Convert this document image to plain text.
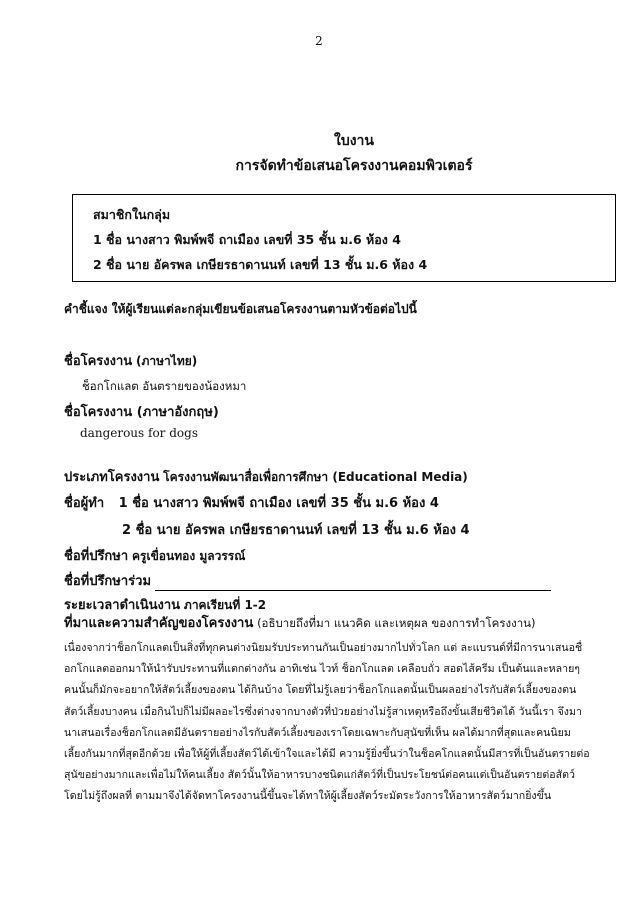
2
ใบงาน
การจัดทำข้อเสนอโครงงานคอมพิวเตอร์
สมาชิกในกลุ่ม
1 ชื่อ นางสาว พิมพ์พจี ถาเมือง เลขที่ 35 ชั้น ม.6 ห้อง 4
2 ชื่อ นาย อัครพล เกษียรธาดานนท์ เลขที่ 13 ชั้น ม.6 ห้อง 4
คำชี้แจง ให้ผู้เรียนแต่ละกลุ่มเขียนข้อเสนอโครงงานตามหัวข้อต่อไปนี้
ชื่อโครงงาน (ภาษาไทย)
ช็อกโกแลต อันตรายของน้องหมา
ชื่อโครงงาน (ภาษาอังกฤษ)
dangerous for dogs
ประเภทโครงงาน โครงงานพัฒนาสื่อเพื่อการศึกษา (Educational Media)
ชื่อผู้ทำ 1 ชื่อ นางสาว พิมพ์พจี ถาเมือง เลขที่ 35 ชั้น ม.6 ห้อง 4
2 ชื่อ นาย อัครพล เกษียรธาดานนท์ เลขที่ 13 ชั้น ม.6 ห้อง 4
ชื่อที่ปรึกษา ครูเขื่อนทอง มูลวรรณ์
ชื่อที่ปรึกษาร่วม
ระยะเวลาดำเนินงาน ภาคเรียนที่ 1-2
ที่มาและความสำคัญของโครงงาน (อธิบายถึงที่มา แนวคิด และเหตุผล ของการทำโครงงาน)

เนื่องจากว่าช็อกโกแลตเป็นสิ่งที่ทุกคนต่างนิยมรับประทานกันเป็นอย่างมากไปทั่วโลก แต่ ละแบรนด์ที่มีการนาเสนอชื่

อกโกแลตออกมาให้นำรับประทานที่แตกต่างกัน อาทิเช่น ไวท์ ช็อกโกแลต เคลือบถั่ว สอดไส้ครีม เป็นต้นและหลายๆ

คนนั้นก็มักจะอยากให้สัตว์เลี้ยงของตน ได้กินบ้าง โดยที่ไม่รู้เลยว่าช็อกโกแลตนั้นเป็นผลอย่างไรกับสัตว์เลี้ยงของตน

สัตว์เลี้ยงบางคน เมื่อกินไปก็ไม่มีผลอะไรซึ่งต่างจากบางตัวที่ป่วยอย่างไม่รู้สาเหตุหรือถึงขั้นเสียชีวิตได้ วันนี้เรา จึงมา

นาเสนอเรื่องช็อกโกแลตมีอันตรายอย่างไรกับสัตว์เลี้ยงของเราโดยเฉพาะกับสุนัขที่เห็น ผลได้มากที่สุดและคนนิยม

เลี้ยงกันมากที่สุดอีกด้วย เพื่อให้ผู้ที่เลี้ยงสัตว์ได้เข้าใจและได้มี ความรู้ยิ่งขึ้นว่าในช็อคโกแลตนั้นมีสารที่เป็นอันตรายต่อ

สุนัขอย่างมากและเพื่อไม่ให้คนเลี้ยง สัตว์นั้นให้อาหารบางชนิดแก่สัตว์ที่เป็นประโยชน์ต่อคนแต่เป็นอันตรายต่อสัตว์

โดยไม่รู้ถึงผลที่ ตามมาจึงได้จัดทาโครงงานนี้ขึ้นจะได้ทาให้ผู้เลี้ยงสัตว์ระมัดระวังการให้อาหารสัตว์มากยิ่งขึ้น
